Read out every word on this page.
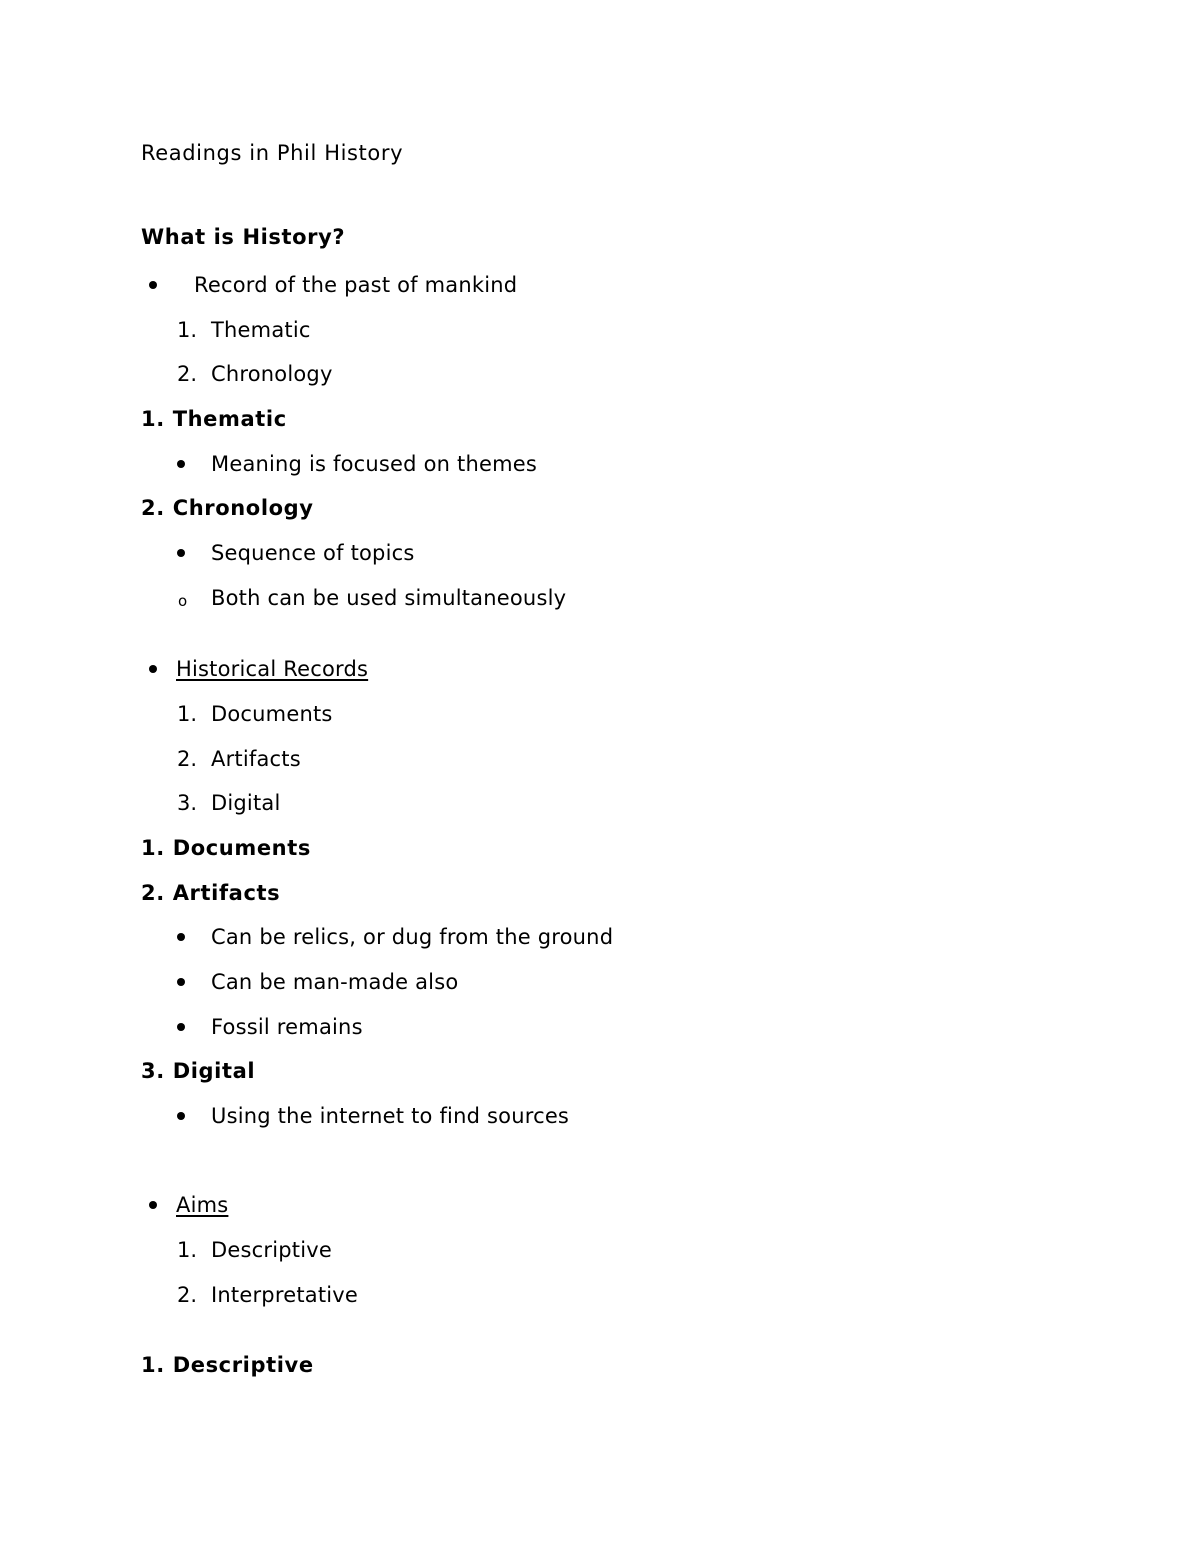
Readings in Phil History
What is History?
Record of the past of mankind
1. Thematic
2. Chronology
1. Thematic
Meaning is focused on themes
2. Chronology
Sequence of topics
o Both can be used simultaneously
Historical Records
1. Documents
2. Artifacts
3. Digital
1. Documents
2. Artifacts
Can be relics, or dug from the ground
Can be man-made also
Fossil remains
3. Digital
Using the internet to find sources
Aims
1. Descriptive
2. Interpretative
1. Descriptive
